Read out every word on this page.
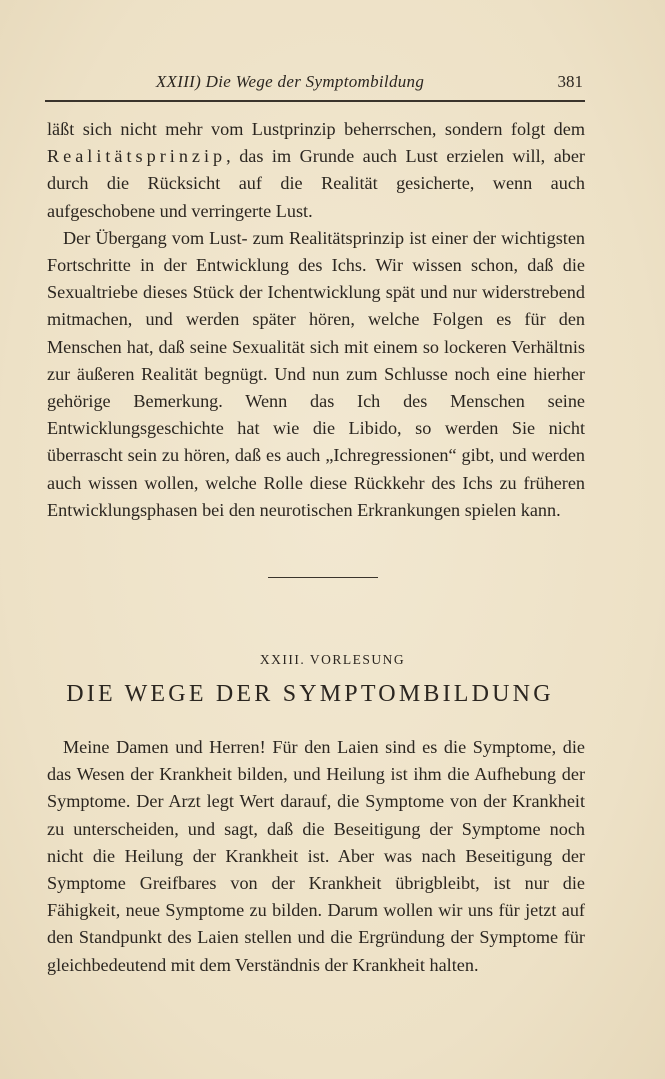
XXIII) Die Wege der Symptombildung	381

läßt sich nicht mehr vom Lustprinzip beherrschen, sondern folgt dem Realitätsprinzip, das im Grunde auch Lust erzielen will, aber durch die Rücksicht auf die Realität gesicherte, wenn auch aufgeschobene und verringerte Lust.

Der Übergang vom Lust- zum Realitätsprinzip ist einer der wichtigsten Fortschritte in der Entwicklung des Ichs. Wir wissen schon, daß die Sexualtriebe dieses Stück der Ichentwicklung spät und nur widerstrebend mitmachen, und werden später hören, welche Folgen es für den Menschen hat, daß seine Sexualität sich mit einem so lockeren Verhältnis zur äußeren Realität begnügt. Und nun zum Schlusse noch eine hierher gehörige Bemerkung. Wenn das Ich des Menschen seine Entwicklungsgeschichte hat wie die Libido, so werden Sie nicht überrascht sein zu hören, daß es auch „Ichregressionen“ gibt, und werden auch wissen wollen, welche Rolle diese Rückkehr des Ichs zu früheren Entwicklungsphasen bei den neurotischen Erkrankungen spielen kann.

XXIII. VORLESUNG
DIE WEGE DER SYMPTOMBILDUNG

Meine Damen und Herren! Für den Laien sind es die Symptome, die das Wesen der Krankheit bilden, und Heilung ist ihm die Aufhebung der Symptome. Der Arzt legt Wert darauf, die Symptome von der Krankheit zu unterscheiden, und sagt, daß die Beseitigung der Symptome noch nicht die Heilung der Krankheit ist. Aber was nach Beseitigung der Symptome Greifbares von der Krankheit übrigbleibt, ist nur die Fähigkeit, neue Symptome zu bilden. Darum wollen wir uns für jetzt auf den Standpunkt des Laien stellen und die Ergründung der Symptome für gleichbedeutend mit dem Verständnis der Krankheit halten.
